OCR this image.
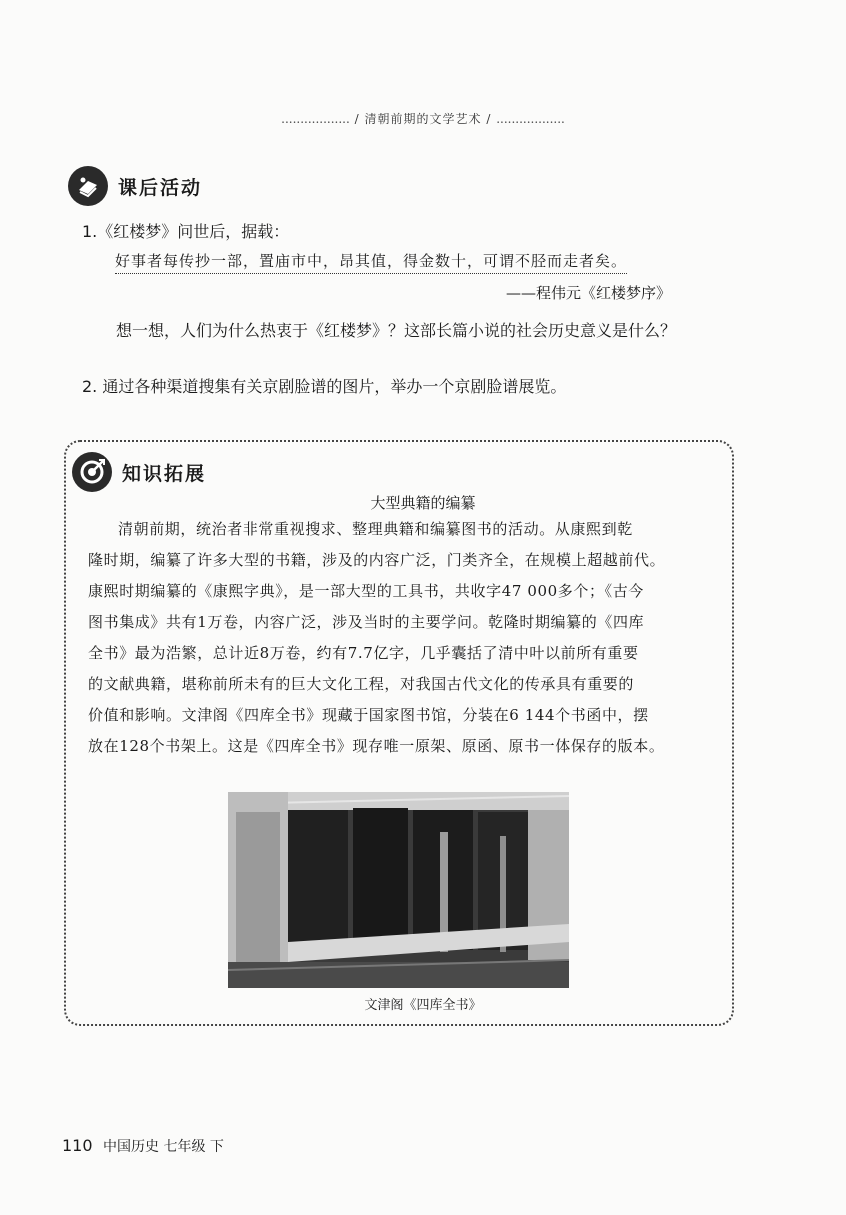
.................. / 清朝前期的文学艺术 / ..................
课后活动
1.《红楼梦》问世后，据载：
好事者每传抄一部，置庙市中，昂其值，得金数十，可谓不胫而走者矣。
——程伟元《红楼梦序》
想一想，人们为什么热衷于《红楼梦》？这部长篇小说的社会历史意义是什么？
2. 通过各种渠道搜集有关京剧脸谱的图片，举办一个京剧脸谱展览。
知识拓展
大型典籍的编纂
清朝前期，统治者非常重视搜求、整理典籍和编纂图书的活动。从康熙到乾
隆时期，编纂了许多大型的书籍，涉及的内容广泛，门类齐全，在规模上超越前代。
康熙时期编纂的《康熙字典》，是一部大型的工具书，共收字47 000多个；《古今
图书集成》共有1万卷，内容广泛，涉及当时的主要学问。乾隆时期编纂的《四库
全书》最为浩繁，总计近8万卷，约有7.7亿字，几乎囊括了清中叶以前所有重要
的文献典籍，堪称前所未有的巨大文化工程，对我国古代文化的传承具有重要的
价值和影响。文津阁《四库全书》现藏于国家图书馆，分装在6 144个书函中，摆
放在128个书架上。这是《四库全书》现存唯一原架、原函、原书一体保存的版本。
文津阁《四库全书》
110 中国历史 七年级 下
